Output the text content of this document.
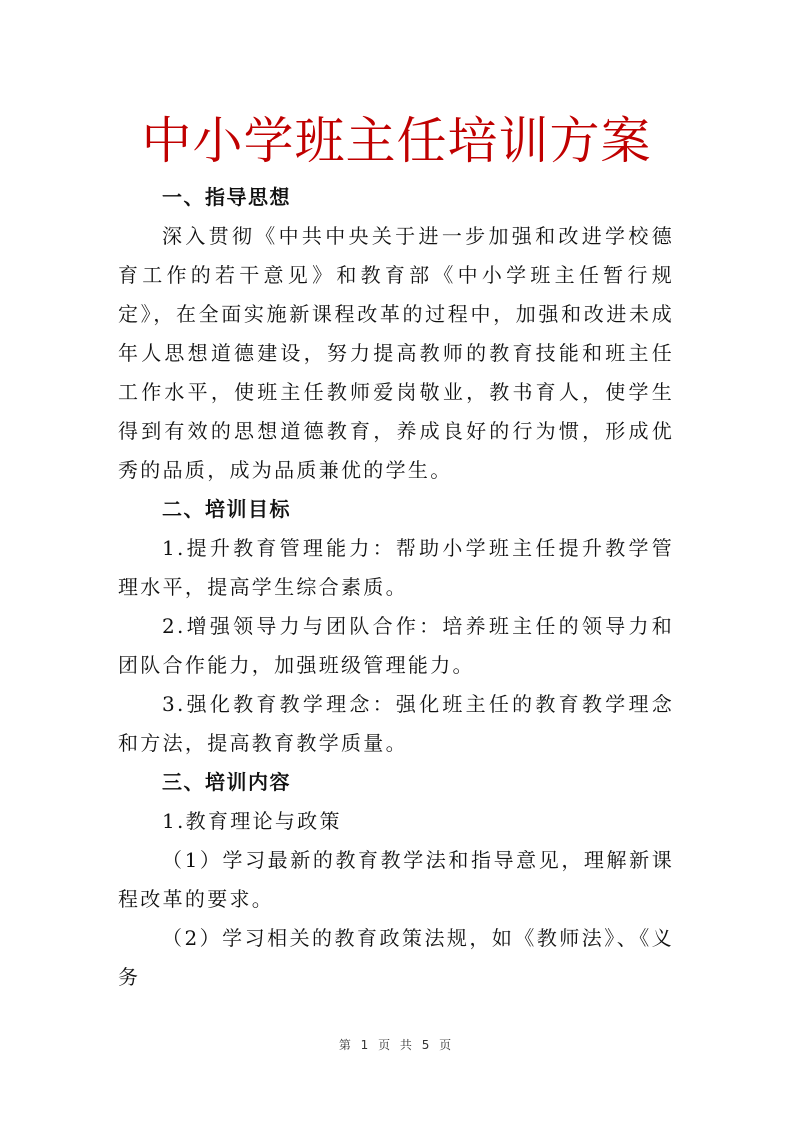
中小学班主任培训方案
一、指导思想

深入贯彻《中共中央关于进一步加强和改进学校德育工作的若干意见》和教育部《中小学班主任暂行规定》，在全面实施新课程改革的过程中，加强和改进未成年人思想道德建设，努力提高教师的教育技能和班主任工作水平，使班主任教师爱岗敬业，教书育人，使学生得到有效的思想道德教育，养成良好的行为惯，形成优秀的品质，成为品质兼优的学生。

二、培训目标

1.提升教育管理能力：帮助小学班主任提升教学管理水平，提高学生综合素质。

2.增强领导力与团队合作：培养班主任的领导力和团队合作能力，加强班级管理能力。

3.强化教育教学理念：强化班主任的教育教学理念和方法，提高教育教学质量。

三、培训内容

1.教育理论与政策

（1）学习最新的教育教学法和指导意见，理解新课程改革的要求。

（2）学习相关的教育政策法规，如《教师法》、《义务

第 1 页 共 5 页
